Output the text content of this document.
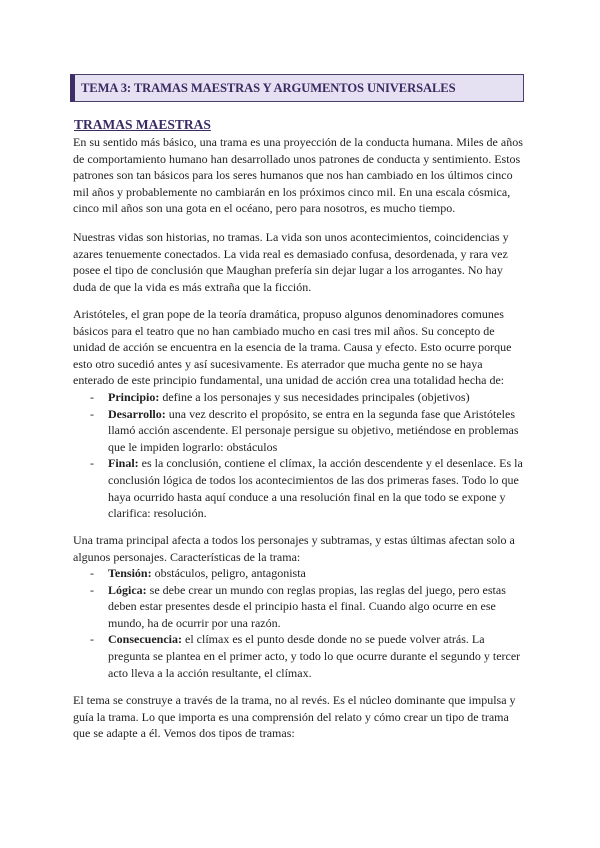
TEMA 3: TRAMAS MAESTRAS Y ARGUMENTOS UNIVERSALES
TRAMAS MAESTRAS
En su sentido más básico, una trama es una proyección de la conducta humana. Miles de años
de comportamiento humano han desarrollado unos patrones de conducta y sentimiento. Estos
patrones son tan básicos para los seres humanos que nos han cambiado en los últimos cinco
mil años y probablemente no cambiarán en los próximos cinco mil. En una escala cósmica,
cinco mil años son una gota en el océano, pero para nosotros, es mucho tiempo.
Nuestras vidas son historias, no tramas. La vida son unos acontecimientos, coincidencias y
azares tenuemente conectados. La vida real es demasiado confusa, desordenada, y rara vez
posee el tipo de conclusión que Maughan prefería sin dejar lugar a los arrogantes. No hay
duda de que la vida es más extraña que la ficción.
Aristóteles, el gran pope de la teoría dramática, propuso algunos denominadores comunes
básicos para el teatro que no han cambiado mucho en casi tres mil años. Su concepto de
unidad de acción se encuentra en la esencia de la trama. Causa y efecto. Esto ocurre porque
esto otro sucedió antes y así sucesivamente. Es aterrador que mucha gente no se haya
enterado de este principio fundamental, una unidad de acción crea una totalidad hecha de:
- Principio: define a los personajes y sus necesidades principales (objetivos)
- Desarrollo: una vez descrito el propósito, se entra en la segunda fase que Aristóteles
llamó acción ascendente. El personaje persigue su objetivo, metiéndose en problemas
que le impiden lograrlo: obstáculos
- Final: es la conclusión, contiene el clímax, la acción descendente y el desenlace. Es la
conclusión lógica de todos los acontecimientos de las dos primeras fases. Todo lo que
haya ocurrido hasta aquí conduce a una resolución final en la que todo se expone y
clarifica: resolución.
Una trama principal afecta a todos los personajes y subtramas, y estas últimas afectan solo a
algunos personajes. Características de la trama:
- Tensión: obstáculos, peligro, antagonista
- Lógica: se debe crear un mundo con reglas propias, las reglas del juego, pero estas
deben estar presentes desde el principio hasta el final. Cuando algo ocurre en ese
mundo, ha de ocurrir por una razón.
- Consecuencia: el clímax es el punto desde donde no se puede volver atrás. La
pregunta se plantea en el primer acto, y todo lo que ocurre durante el segundo y tercer
acto lleva a la acción resultante, el clímax.
El tema se construye a través de la trama, no al revés. Es el núcleo dominante que impulsa y
guía la trama. Lo que importa es una comprensión del relato y cómo crear un tipo de trama
que se adapte a él. Vemos dos tipos de tramas:
